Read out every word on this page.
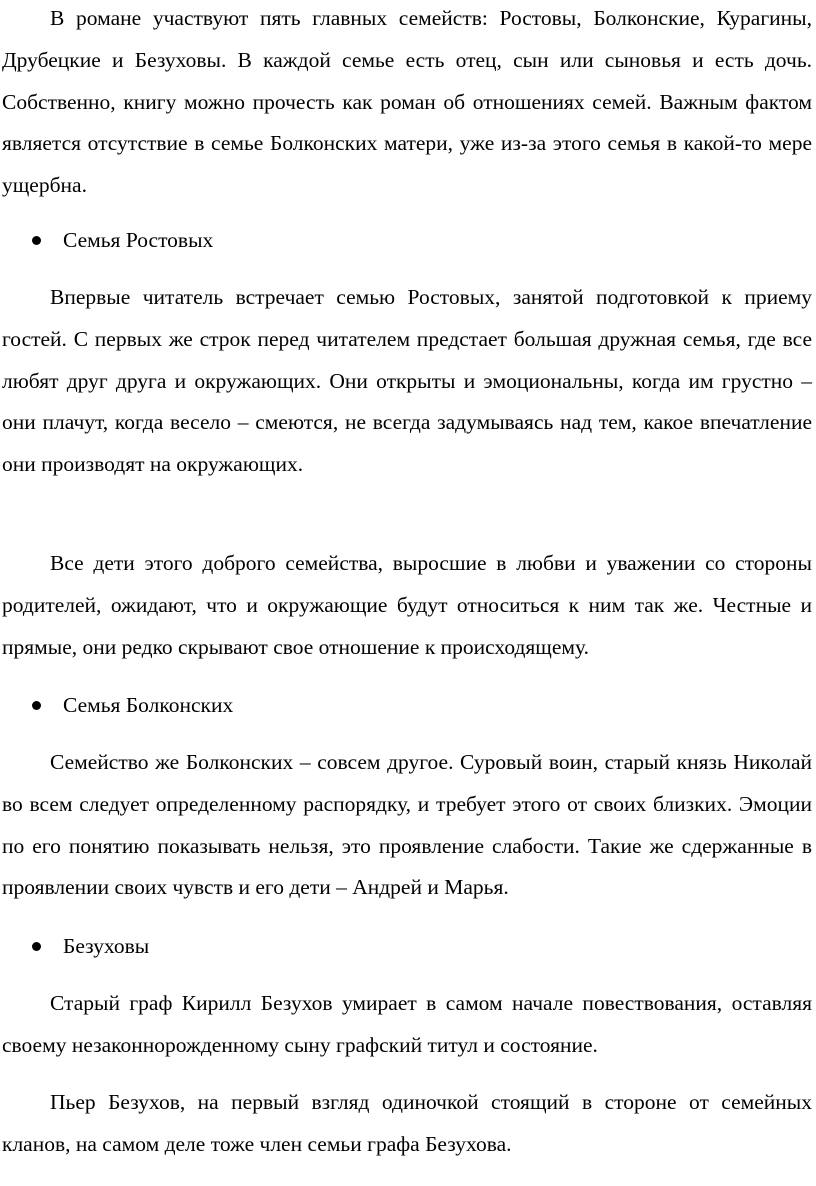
В романе участвуют пять главных семейств: Ростовы, Болконские, Курагины, Друбецкие и Безуховы. В каждой семье есть отец, сын или сыновья и есть дочь. Собственно, книгу можно прочесть как роман об отношениях семей. Важным фактом является отсутствие в семье Болконских матери, уже из-за этого семья в какой-то мере ущербна.

Семья Ростовых

Впервые читатель встречает семью Ростовых, занятой подготовкой к приему гостей. С первых же строк перед читателем предстает большая дружная семья, где все любят друг друга и окружающих. Они открыты и эмоциональны, когда им грустно – они плачут, когда весело – смеются, не всегда задумываясь над тем, какое впечатление они производят на окружающих.

Все дети этого доброго семейства, выросшие в любви и уважении со стороны родителей, ожидают, что и окружающие будут относиться к ним так же. Честные и прямые, они редко скрывают свое отношение к происходящему.

Семья Болконских

Семейство же Болконских – совсем другое. Суровый воин, старый князь Николай во всем следует определенному распорядку, и требует этого от своих близких. Эмоции по его понятию показывать нельзя, это проявление слабости. Такие же сдержанные в проявлении своих чувств и его дети – Андрей и Марья.

Безуховы

Старый граф Кирилл Безухов умирает в самом начале повествования, оставляя своему незаконнорожденному сыну графский титул и состояние.

Пьер Безухов, на первый взгляд одиночкой стоящий в стороне от семейных кланов, на самом деле тоже член семьи графа Безухова.
